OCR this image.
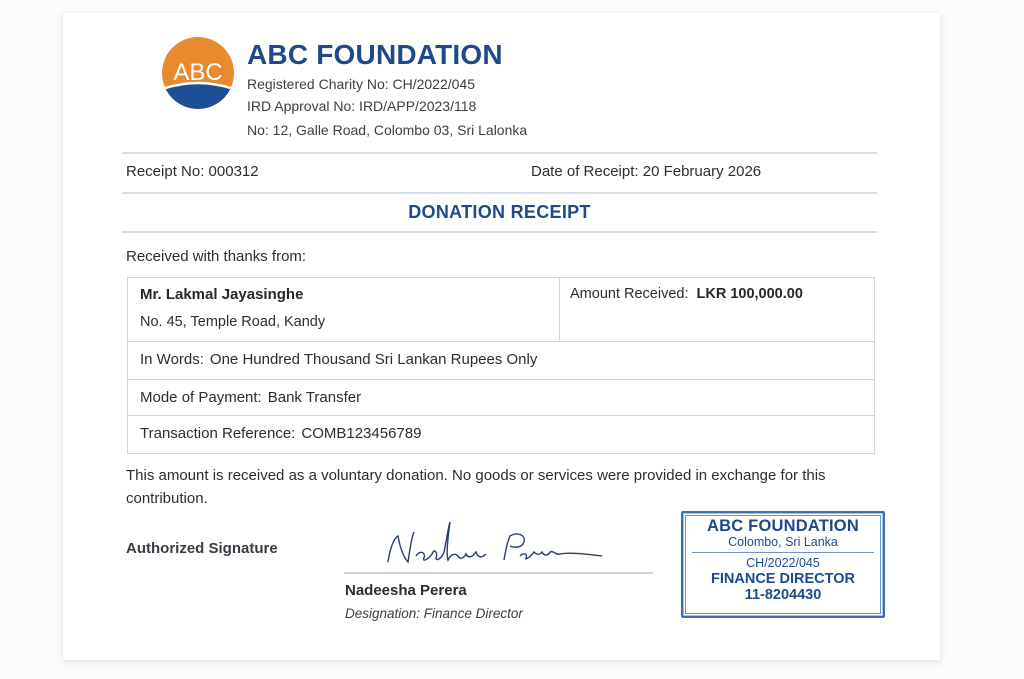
ABC
ABC FOUNDATION
Registered Charity No: CH/2022/045
IRD Approval No: IRD/APP/2023/118
No: 12, Galle Road, Colombo 03, Sri Lalonka
Receipt No: 000312	Date of Receipt: 20 February 2026
DONATION RECEIPT
Received with thanks from:
Mr. Lakmal Jayasinghe
No. 45, Temple Road, Kandy
Amount Received: LKR 100,000.00
In Words: One Hundred Thousand Sri Lankan Rupees Only
Mode of Payment: Bank Transfer
Transaction Reference: COMB123456789
This amount is received as a voluntary donation. No goods or services were provided in exchange for this contribution.
Authorized Signature
Nadeesha Perera
Designation: Finance Director
ABC FOUNDATION
Colombo, Sri Lanka
CH/2022/045
FINANCE DIRECTOR
11-8204430
